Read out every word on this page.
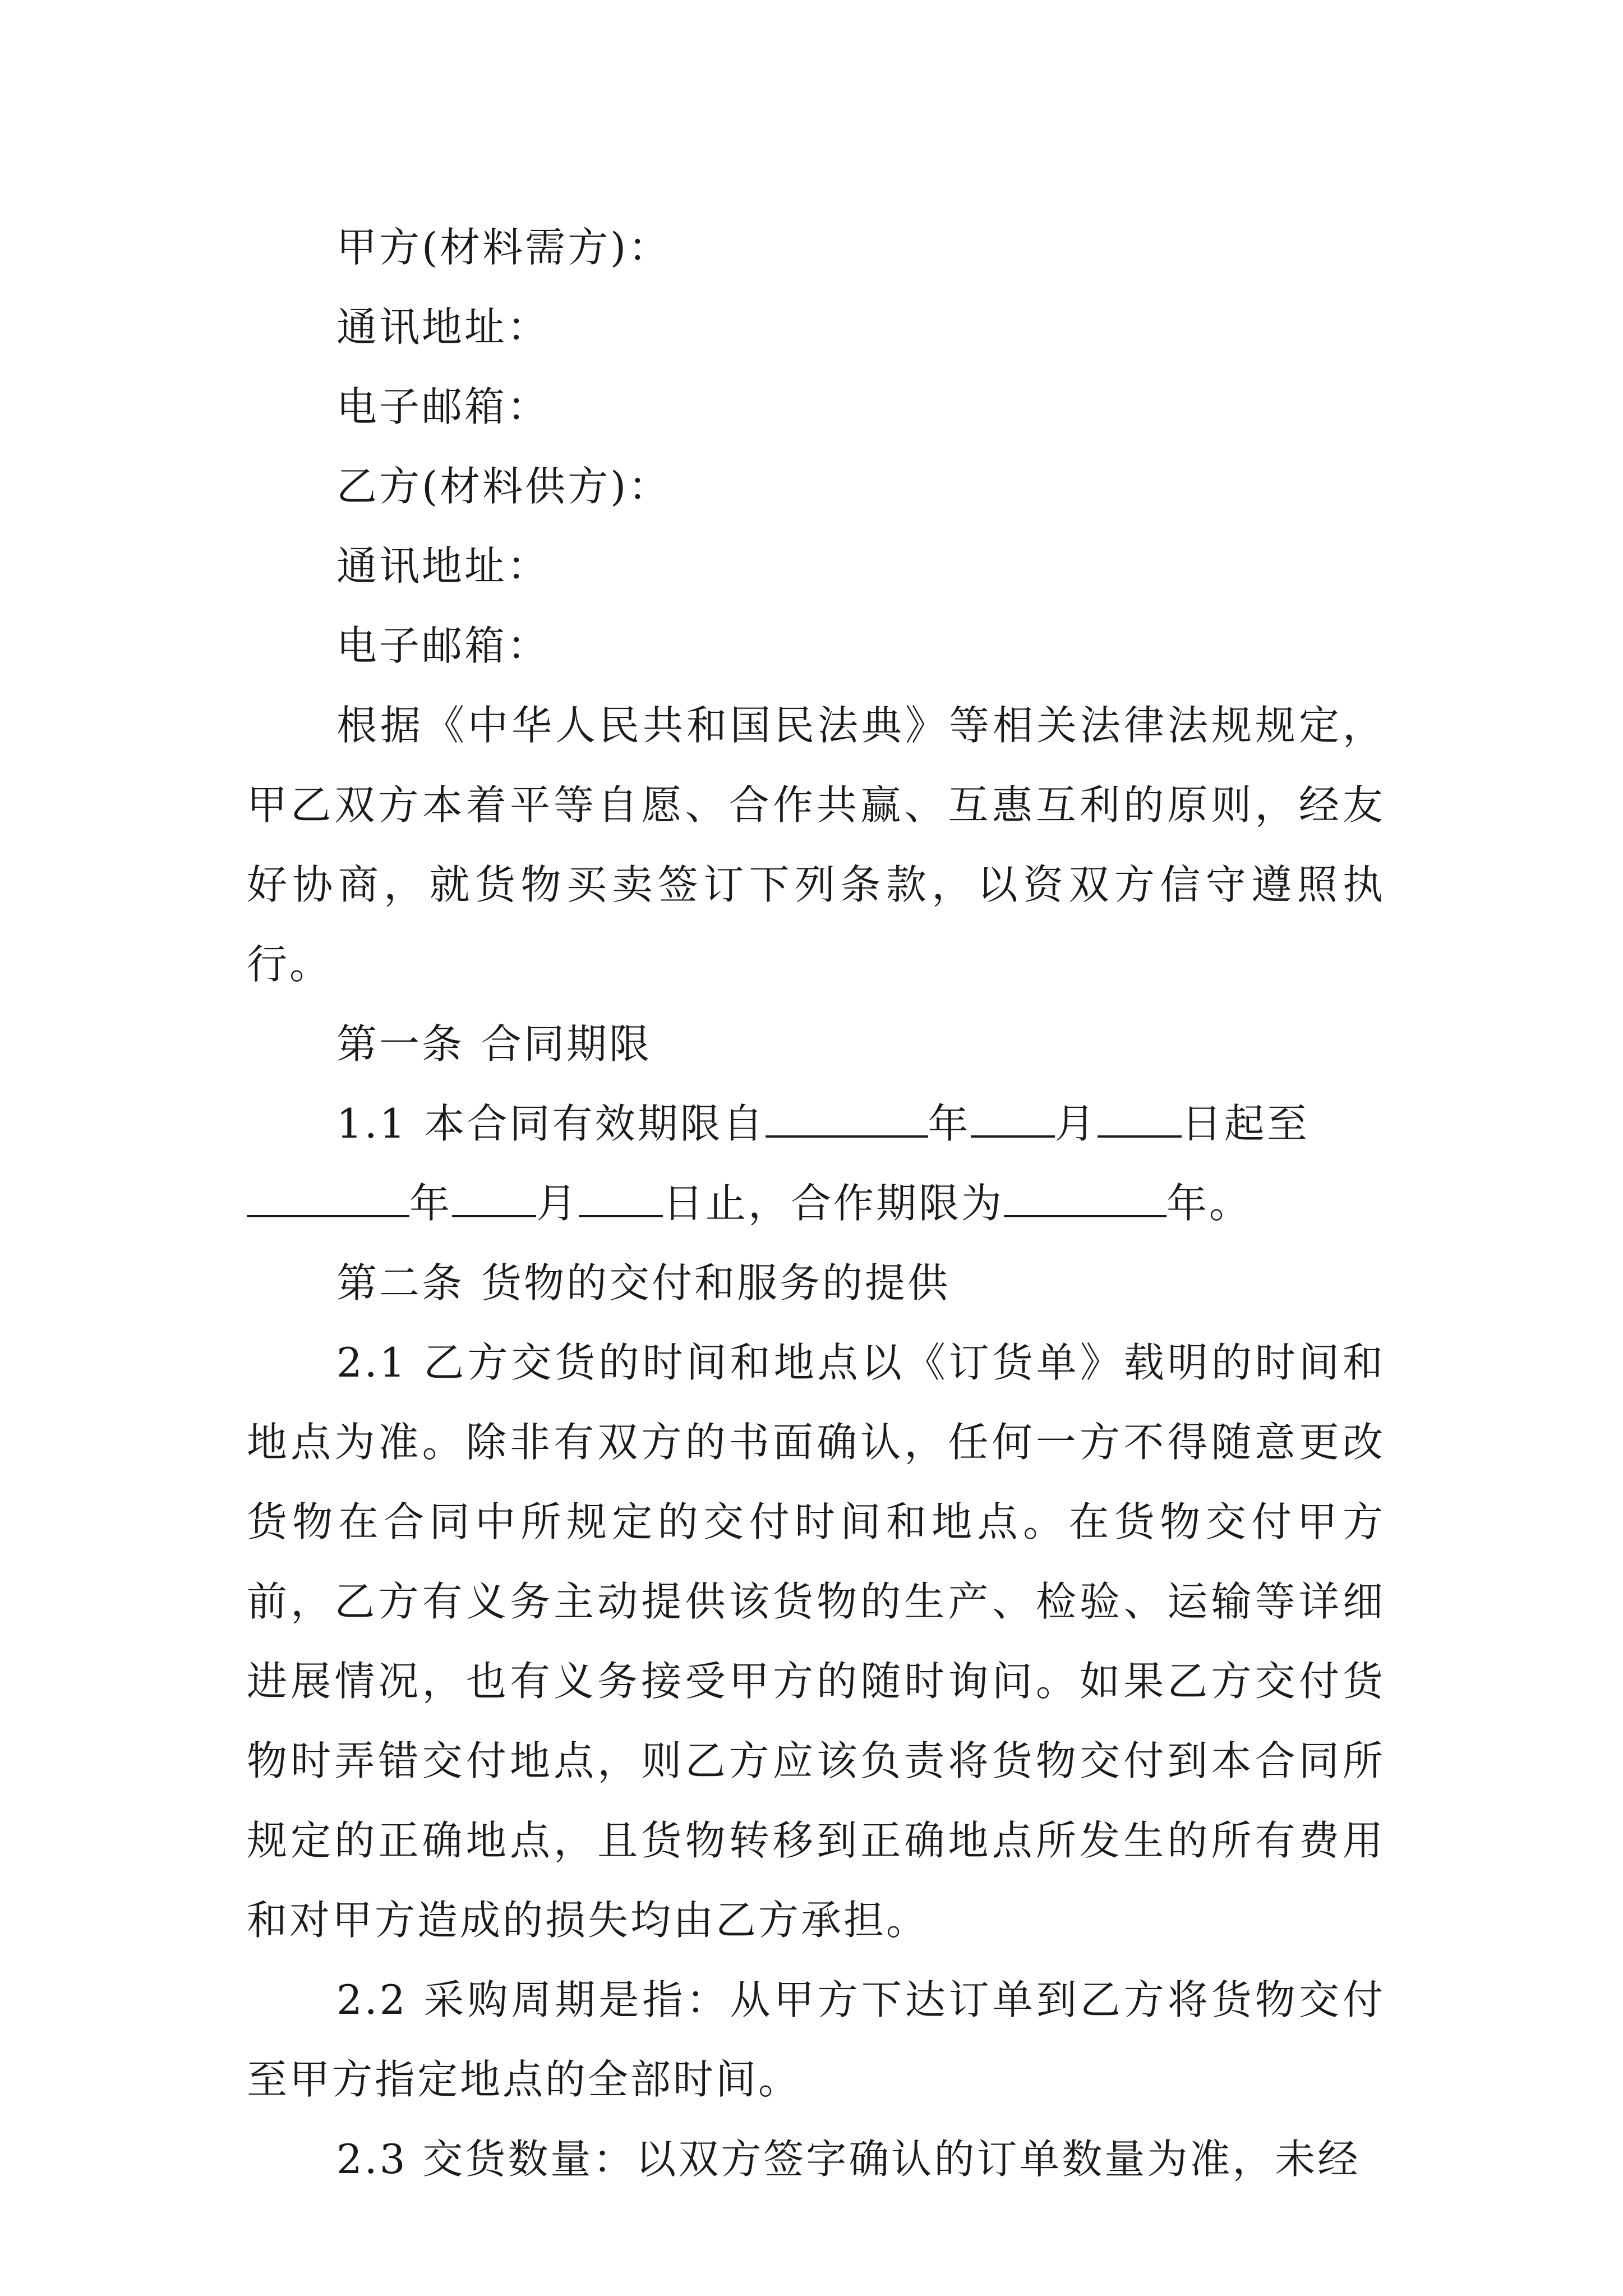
甲方(材料需方)：
通讯地址：
电子邮箱：
乙方(材料供方)：
通讯地址：
电子邮箱：
根据《中华人民共和国民法典》等相关法律法规规定，甲乙双方本着平等自愿、合作共赢、互惠互利的原则，经友好协商，就货物买卖签订下列条款，以资双方信守遵照执行。
第一条 合同期限
1.1 本合同有效期限自	年 月 日起至
年 月 日止，合作期限为	年。
第二条 货物的交付和服务的提供
2.1 乙方交货的时间和地点以《订货单》载明的时间和地点为准。除非有双方的书面确认，任何一方不得随意更改货物在合同中所规定的交付时间和地点。在货物交付甲方前，乙方有义务主动提供该货物的生产、检验、运输等详细进展情况，也有义务接受甲方的随时询问。如果乙方交付货物时弄错交付地点，则乙方应该负责将货物交付到本合同所规定的正确地点，且货物转移到正确地点所发生的所有费用和对甲方造成的损失均由乙方承担。
2.2 采购周期是指：从甲方下达订单到乙方将货物交付至甲方指定地点的全部时间。
2.3 交货数量：以双方签字确认的订单数量为准，未经
